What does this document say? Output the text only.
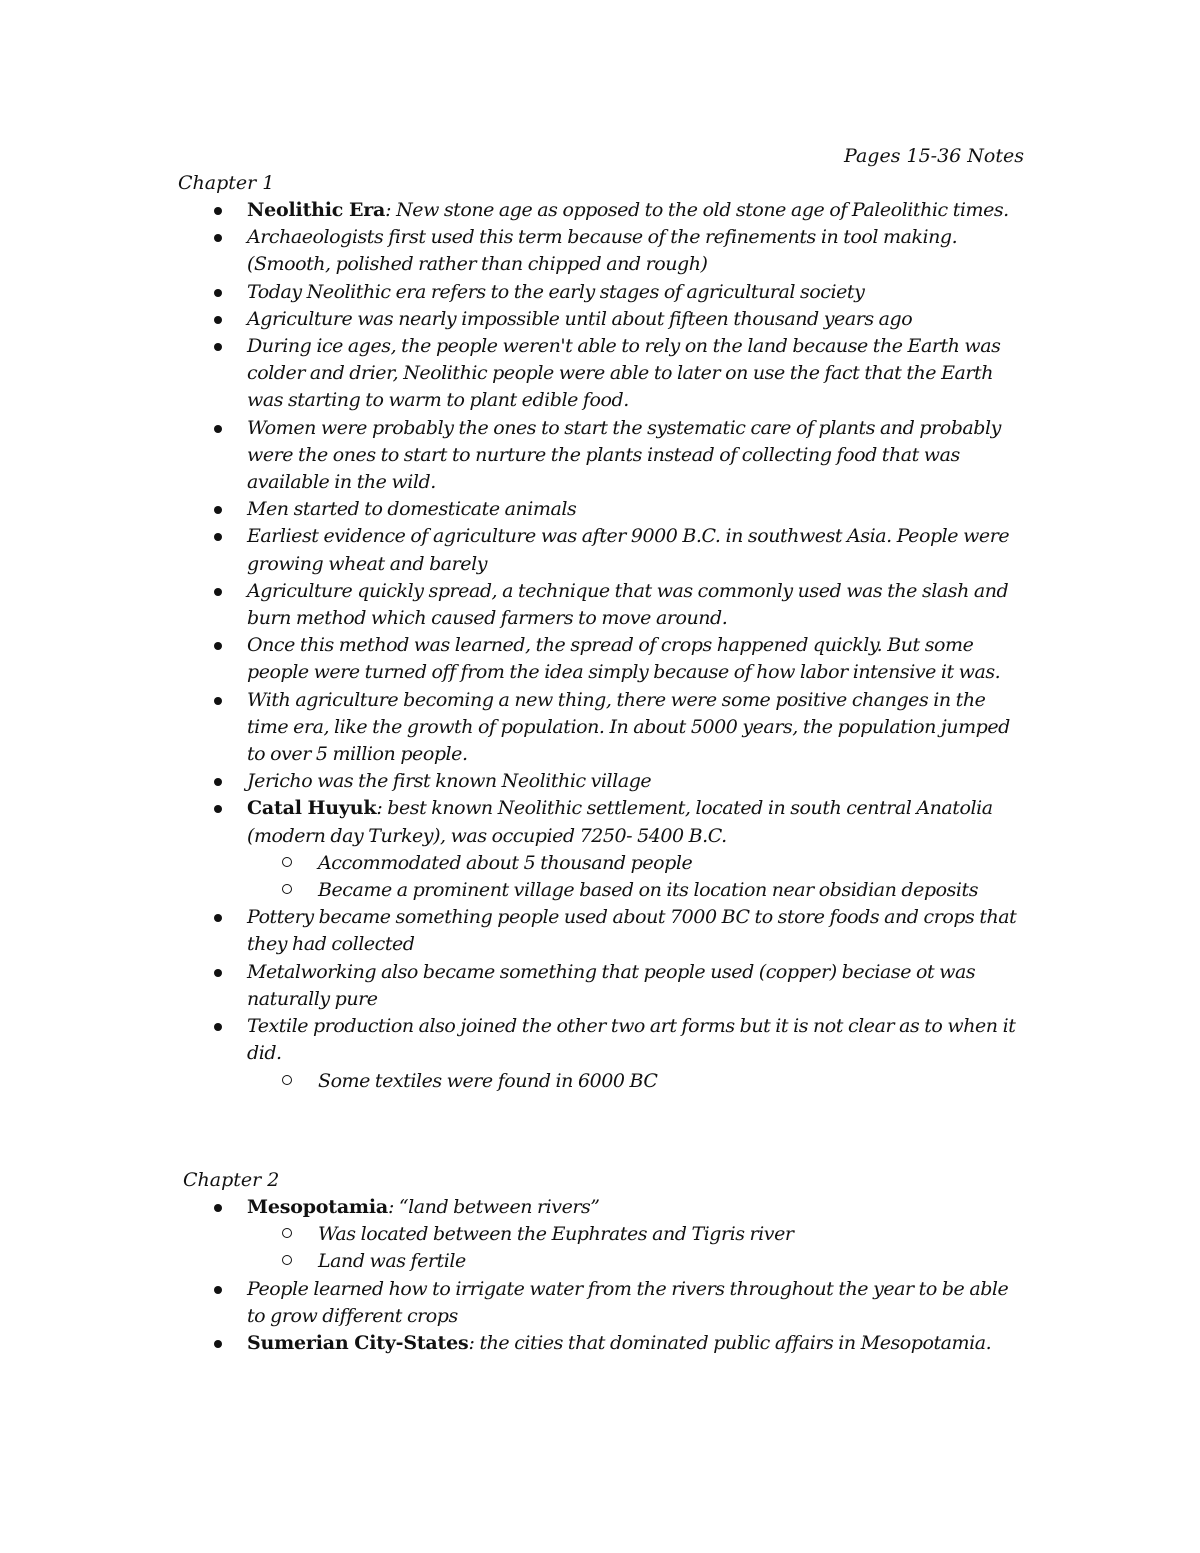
Pages 15-36 Notes
Chapter 1
Neolithic Era: New stone age as opposed to the old stone age of Paleolithic times.
Archaeologists first used this term because of the refinements in tool making. (Smooth, polished rather than chipped and rough)
Today Neolithic era refers to the early stages of agricultural society
Agriculture was nearly impossible until about fifteen thousand years ago
During ice ages, the people weren't able to rely on the land because the Earth was colder and drier, Neolithic people were able to later on use the fact that the Earth was starting to warm to plant edible food.
Women were probably the ones to start the systematic care of plants and probably were the ones to start to nurture the plants instead of collecting food that was available in the wild.
Men started to domesticate animals
Earliest evidence of agriculture was after 9000 B.C. in southwest Asia. People were growing wheat and barely
Agriculture quickly spread, a technique that was commonly used was the slash and burn method which caused farmers to move around.
Once this method was learned, the spread of crops happened quickly. But some people were turned off from the idea simply because of how labor intensive it was.
With agriculture becoming a new thing, there were some positive changes in the time era, like the growth of population. In about 5000 years, the population jumped to over 5 million people.
Jericho was the first known Neolithic village
Catal Huyuk: best known Neolithic settlement, located in south central Anatolia (modern day Turkey), was occupied 7250- 5400 B.C.
Accommodated about 5 thousand people
Became a prominent village based on its location near obsidian deposits
Pottery became something people used about 7000 BC to store foods and crops that they had collected
Metalworking also became something that people used (copper) beciase ot was naturally pure
Textile production also joined the other two art forms but it is not clear as to when it did.
Some textiles were found in 6000 BC
Chapter 2
Mesopotamia: “land between rivers”
Was located between the Euphrates and Tigris river
Land was fertile
People learned how to irrigate water from the rivers throughout the year to be able to grow different crops
Sumerian City-States: the cities that dominated public affairs in Mesopotamia.
